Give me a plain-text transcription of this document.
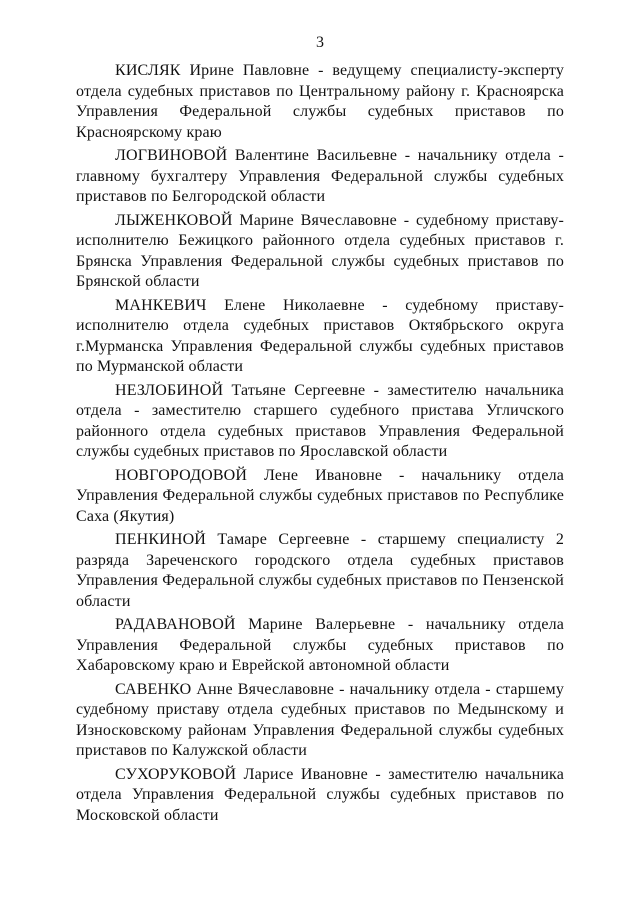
3

КИСЛЯК Ирине Павловне - ведущему специалисту-эксперту отдела судебных приставов по Центральному району г. Красноярска Управления Федеральной службы судебных приставов по Красноярскому краю

ЛОГВИНОВОЙ Валентине Васильевне - начальнику отдела - главному бухгалтеру Управления Федеральной службы судебных приставов по Белгородской области

ЛЫЖЕНКОВОЙ Марине Вячеславовне - судебному приставу-исполнителю Бежицкого районного отдела судебных приставов г. Брянска Управления Федеральной службы судебных приставов по Брянской области

МАНКЕВИЧ Елене Николаевне - судебному приставу-исполнителю отдела судебных приставов Октябрьского округа г.Мурманска Управления Федеральной службы судебных приставов по Мурманской области

НЕЗЛОБИНОЙ Татьяне Сергеевне - заместителю начальника отдела - заместителю старшего судебного пристава Угличского районного отдела судебных приставов Управления Федеральной службы судебных приставов по Ярославской области

НОВГОРОДОВОЙ Лене Ивановне - начальнику отдела Управления Федеральной службы судебных приставов по Республике Саха (Якутия)

ПЕНКИНОЙ Тамаре Сергеевне - старшему специалисту 2 разряда Зареченского городского отдела судебных приставов Управления Федеральной службы судебных приставов по Пензенской области

РАДАВАНОВОЙ Марине Валерьевне - начальнику отдела Управления Федеральной службы судебных приставов по Хабаровскому краю и Еврейской автономной области

САВЕНКО Анне Вячеславовне - начальнику отдела - старшему судебному приставу отдела судебных приставов по Медынскому и Износковскому районам Управления Федеральной службы судебных приставов по Калужской области

СУХОРУКОВОЙ Ларисе Ивановне - заместителю начальника отдела Управления Федеральной службы судебных приставов по Московской области
